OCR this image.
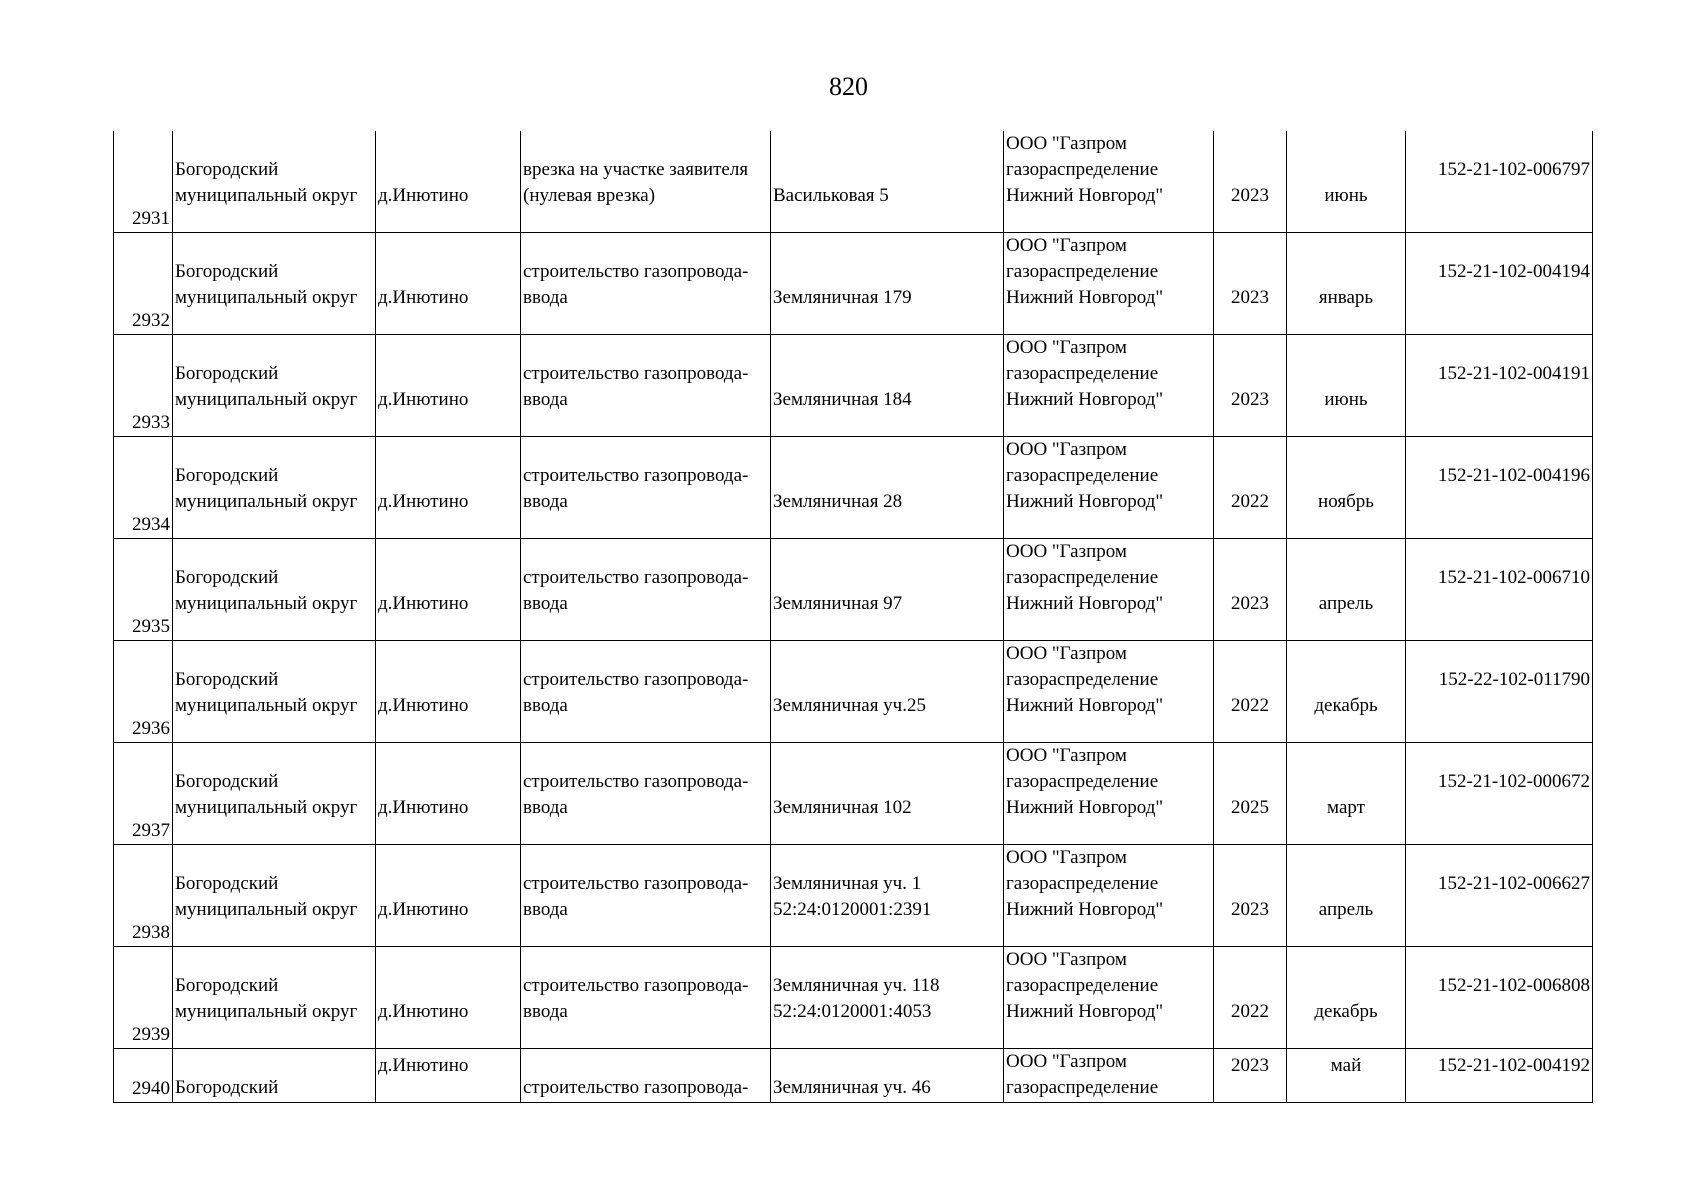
820
2931	Богородский
муниципальный округ	д.Инютино	врезка на участке заявителя
(нулевая врезка)	Васильковая 5	ООО "Газпром
газораспределение
Нижний Новгород"	2023	июнь	152-21-102-006797

2932	Богородский
муниципальный округ	д.Инютино	строительство газопровода-
ввода	Земляничная 179	ООО "Газпром
газораспределение
Нижний Новгород"	2023	январь	152-21-102-004194

2933	Богородский
муниципальный округ	д.Инютино	строительство газопровода-
ввода	Земляничная 184	ООО "Газпром
газораспределение
Нижний Новгород"	2023	июнь	152-21-102-004191

2934	Богородский
муниципальный округ	д.Инютино	строительство газопровода-
ввода	Земляничная 28	ООО "Газпром
газораспределение
Нижний Новгород"	2022	ноябрь	152-21-102-004196

2935	Богородский
муниципальный округ	д.Инютино	строительство газопровода-
ввода	Земляничная 97	ООО "Газпром
газораспределение
Нижний Новгород"	2023	апрель	152-21-102-006710

2936	Богородский
муниципальный округ	д.Инютино	строительство газопровода-
ввода	Земляничная уч.25	ООО "Газпром
газораспределение
Нижний Новгород"	2022	декабрь	152-22-102-011790

2937	Богородский
муниципальный округ	д.Инютино	строительство газопровода-
ввода	Земляничная 102	ООО "Газпром
газораспределение
Нижний Новгород"	2025	март	152-21-102-000672

2938	Богородский
муниципальный округ	д.Инютино	строительство газопровода-
ввода	Земляничная уч. 1
52:24:0120001:2391	ООО "Газпром
газораспределение
Нижний Новгород"	2023	апрель	152-21-102-006627

2939	Богородский
муниципальный округ	д.Инютино	строительство газопровода-
ввода	Земляничная уч. 118
52:24:0120001:4053	ООО "Газпром
газораспределение
Нижний Новгород"	2022	декабрь	152-21-102-006808

2940	Богородский	д.Инютино	строительство газопровода-	Земляничная уч. 46	ООО "Газпром
газораспределение	2023	май	152-21-102-004192
